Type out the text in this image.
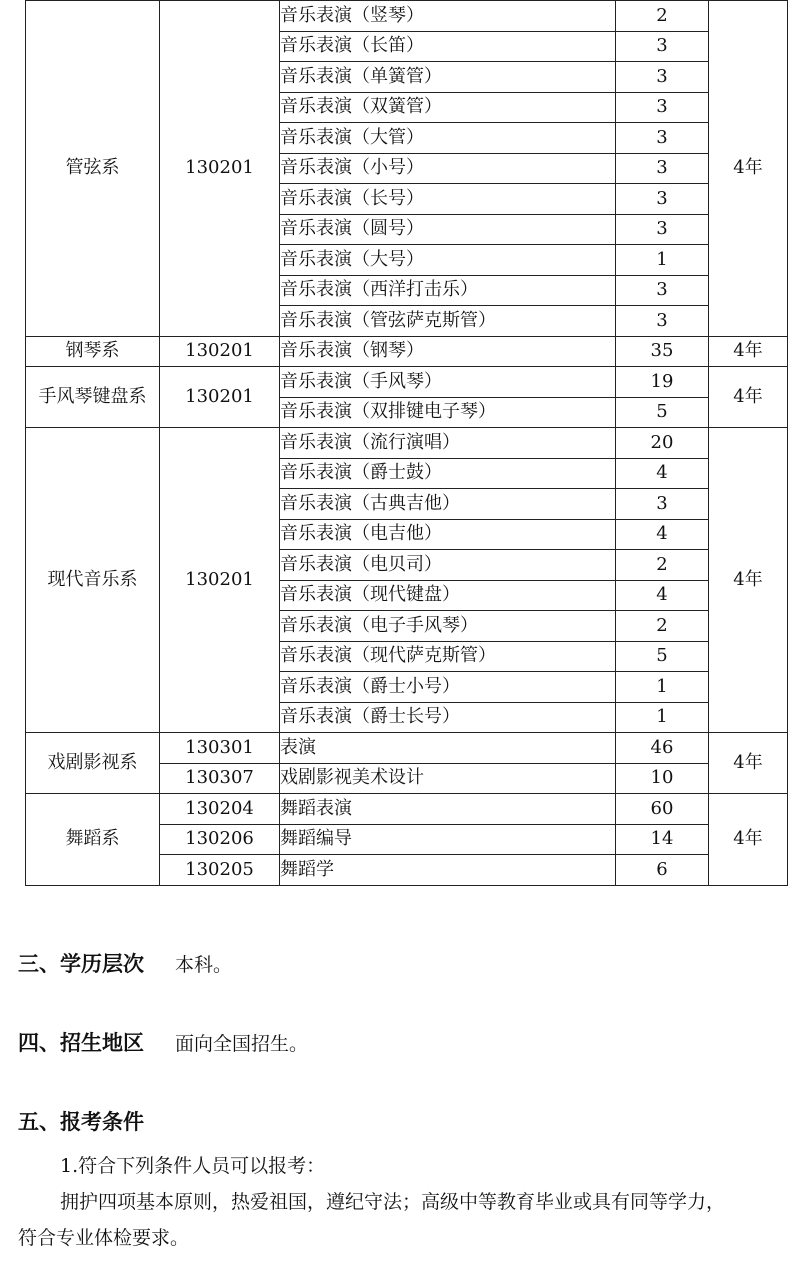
管弦系	130201	音乐表演（竖琴）	2	4年
		音乐表演（长笛）	3	
		音乐表演（单簧管）	3	
		音乐表演（双簧管）	3	
		音乐表演（大管）	3	
		音乐表演（小号）	3	
		音乐表演（长号）	3	
		音乐表演（圆号）	3	
		音乐表演（大号）	1	
		音乐表演（西洋打击乐）	3	
		音乐表演（管弦萨克斯管）	3	
钢琴系	130201	音乐表演（钢琴）	35	4年
手风琴键盘系	130201	音乐表演（手风琴）	19	4年
		音乐表演（双排键电子琴）	5	
现代音乐系	130201	音乐表演（流行演唱）	20	4年
		音乐表演（爵士鼓）	4	
		音乐表演（古典吉他）	3	
		音乐表演（电吉他）	4	
		音乐表演（电贝司）	2	
		音乐表演（现代键盘）	4	
		音乐表演（电子手风琴）	2	
		音乐表演（现代萨克斯管）	5	
		音乐表演（爵士小号）	1	
		音乐表演（爵士长号）	1	
戏剧影视系	130301	表演	46	4年
	130307	戏剧影视美术设计	10	
舞蹈系	130204	舞蹈表演	60	4年
	130206	舞蹈编导	14	
	130205	舞蹈学	6	
三、学历层次 本科。
四、招生地区 面向全国招生。
五、报考条件
1.符合下列条件人员可以报考：
拥护四项基本原则，热爱祖国，遵纪守法；高级中等教育毕业或具有同等学力，
符合专业体检要求。
